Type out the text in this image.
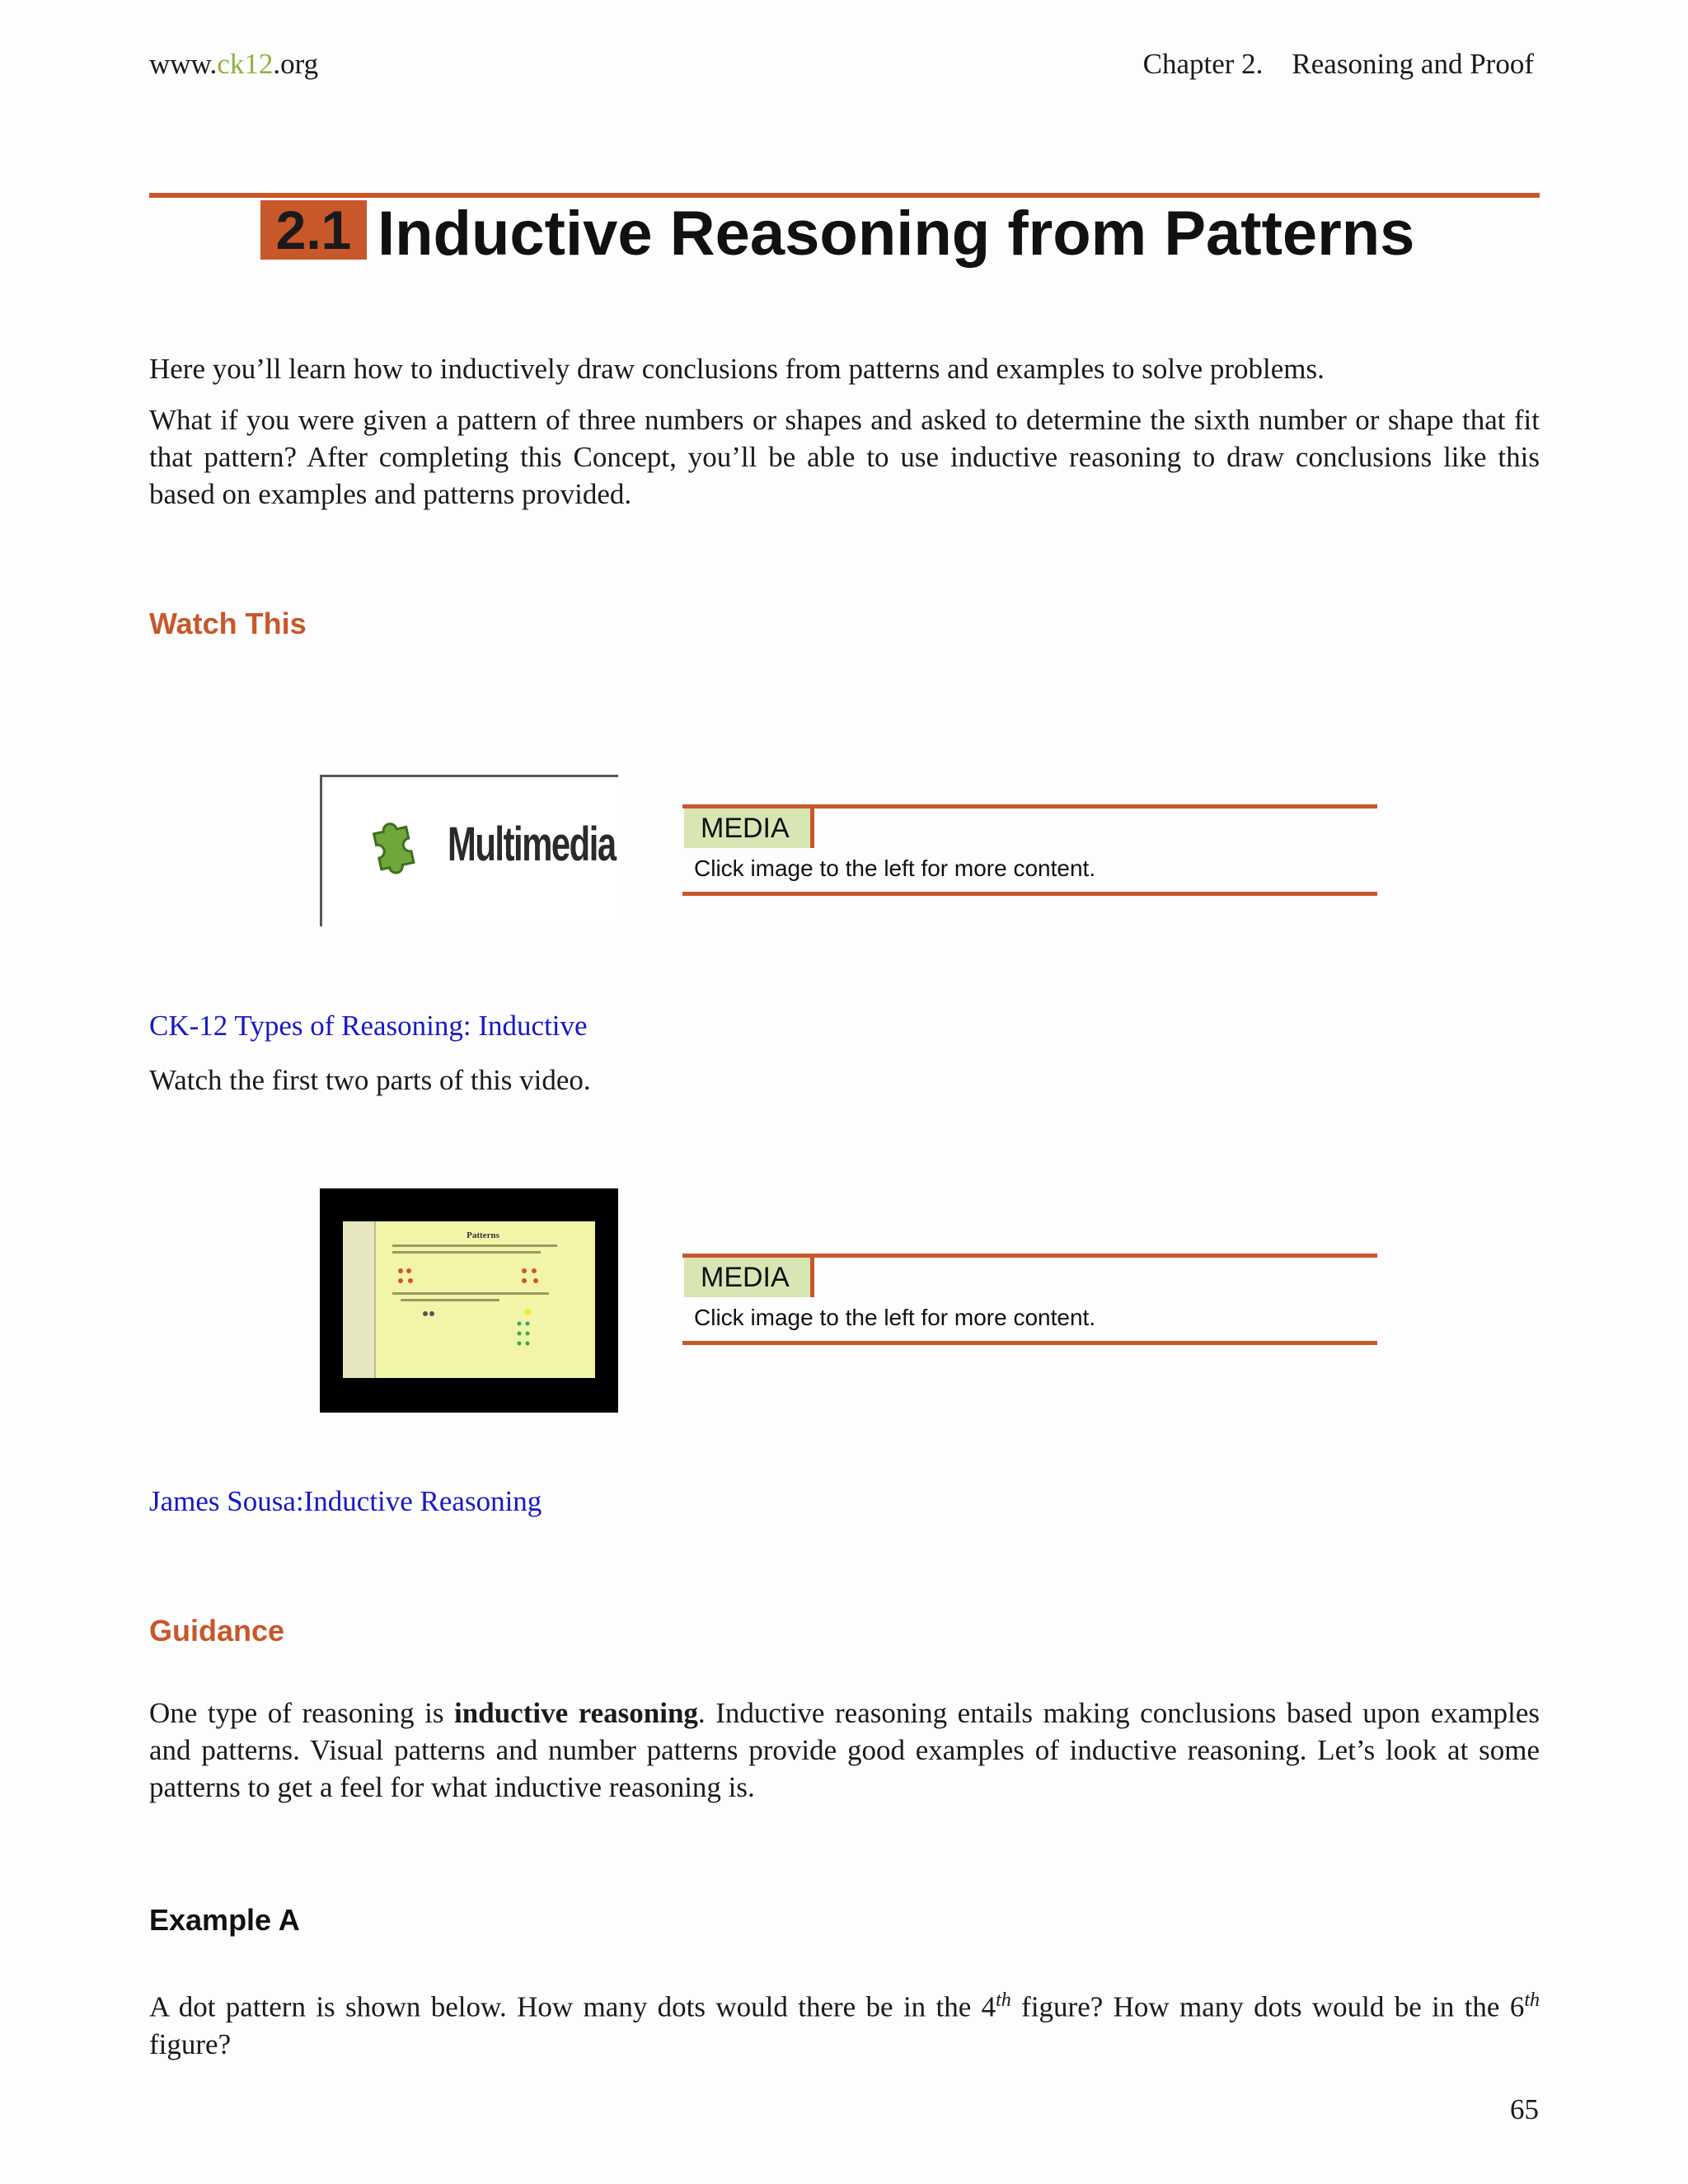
www.ck12.org	Chapter 2. Reasoning and Proof
2.1 Inductive Reasoning from Patterns
Here you’ll learn how to inductively draw conclusions from patterns and examples to solve problems.
What if you were given a pattern of three numbers or shapes and asked to determine the sixth number or shape that fit that pattern? After completing this Concept, you’ll be able to use inductive reasoning to draw conclusions like this based on examples and patterns provided.
Watch This
Multimedia	MEDIA
Click image to the left for more content.
CK-12 Types of Reasoning: Inductive
Watch the first two parts of this video.
Patterns
MEDIA
Click image to the left for more content.
James Sousa:Inductive Reasoning
Guidance
One type of reasoning is inductive reasoning. Inductive reasoning entails making conclusions based upon examples and patterns. Visual patterns and number patterns provide good examples of inductive reasoning. Let’s look at some patterns to get a feel for what inductive reasoning is.
Example A
A dot pattern is shown below. How many dots would there be in the 4th figure? How many dots would be in the 6th figure?
65
